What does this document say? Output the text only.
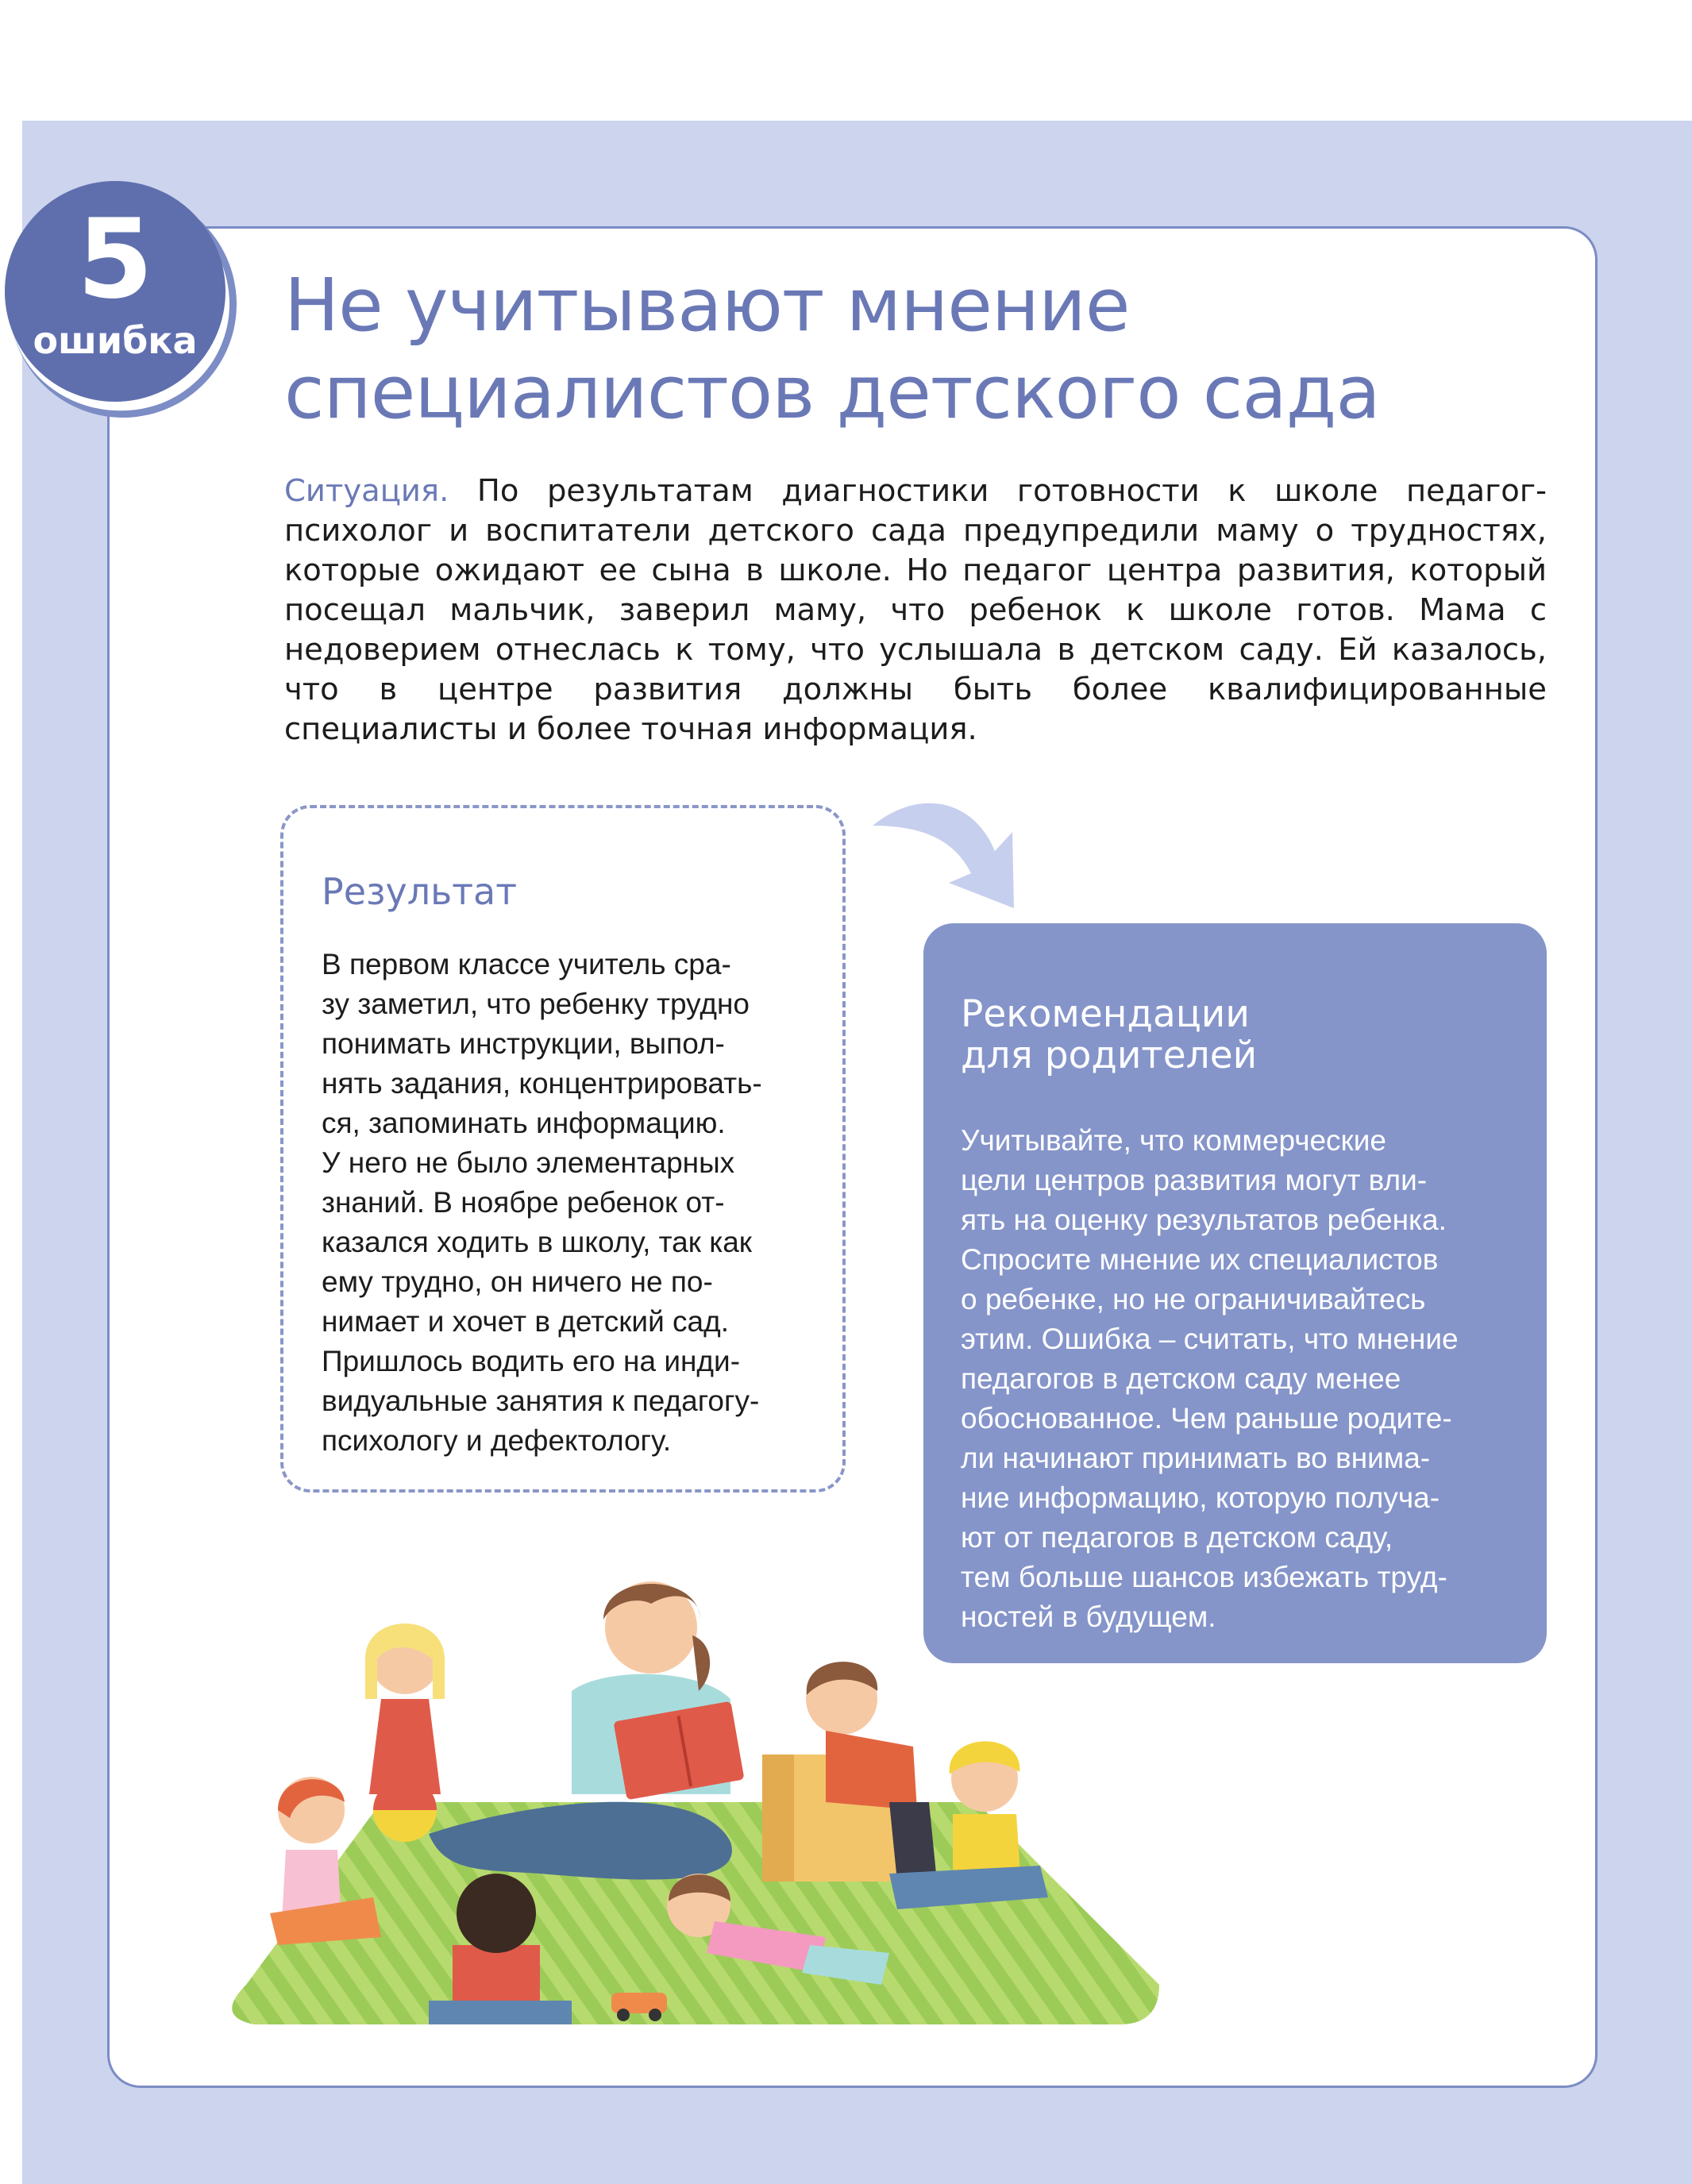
5
ошибка	Не учитывают мнение
специалистов детского сада

Ситуация. По результатам диагностики готовности к школе педагог-психолог и воспитатели детского сада предупредили маму о трудностях, которые ожидают ее сына в школе. Но педагог центра развития, который посещал мальчик, заверил маму, что ребенок к школе готов. Мама с недоверием отнеслась к тому, что услышала в детском саду. Ей казалось, что в центре развития должны быть более квалифицированные специалисты и более точная информация.

Результат

В первом классе учитель сра-
зу заметил, что ребенку трудно
понимать инструкции, выпол-
нять задания, концентрировать-
ся, запоминать информацию.
У него не было элементарных
знаний. В ноябре ребенок от-
казался ходить в школу, так как
ему трудно, он ничего не по-
нимает и хочет в детский сад.
Пришлось водить его на инди-
видуальные занятия к педагогу-
психологу и дефектологу.

Рекомендации
для родителей

Учитывайте, что коммерческие
цели центров развития могут вли-
ять на оценку результатов ребенка.
Спросите мнение их специалистов
о ребенке, но не ограничивайтесь
этим. Ошибка – считать, что мнение
педагогов в детском саду менее
обоснованное. Чем раньше родите-
ли начинают принимать во внима-
ние информацию, которую получа-
ют от педагогов в детском саду,
тем больше шансов избежать труд-
ностей в будущем.
